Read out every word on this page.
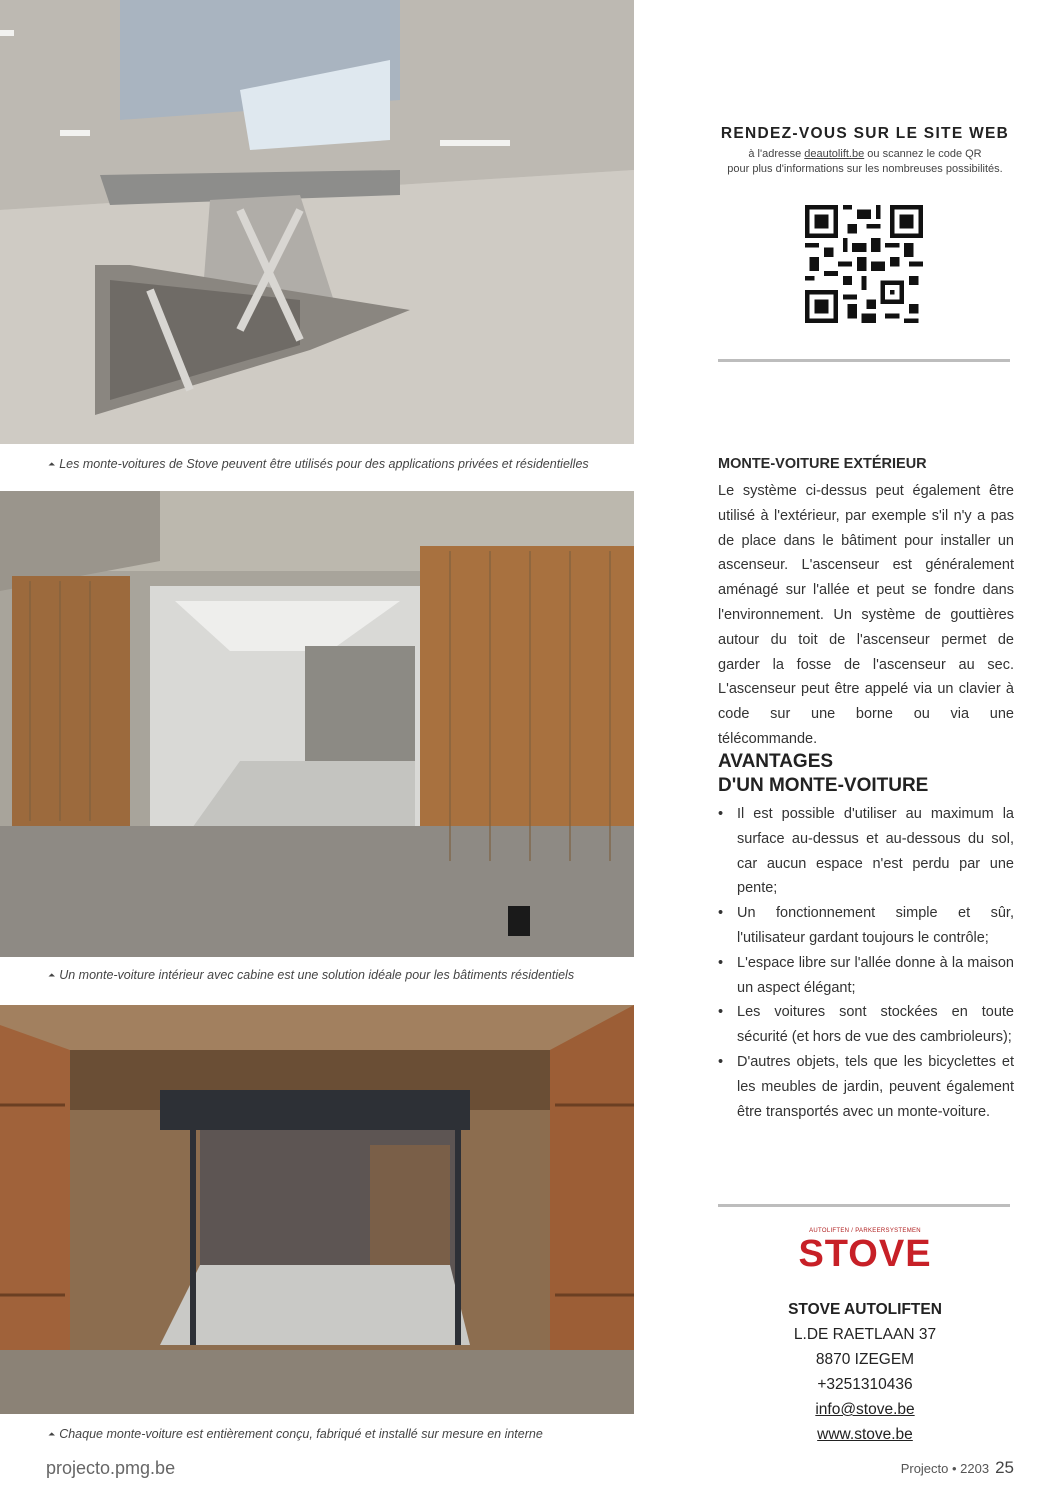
⏶ Les monte-voitures de Stove peuvent être utilisés pour des applications privées et résidentielles
⏶ Un monte-voiture intérieur avec cabine est une solution idéale pour les bâtiments résidentiels
⏶ Chaque monte-voiture est entièrement conçu, fabriqué et installé sur mesure en interne
RENDEZ-VOUS SUR LE SITE WEB
à l'adresse deautolift.be ou scannez le code QR
pour plus d'informations sur les nombreuses possibilités.
MONTE-VOITURE EXTÉRIEUR
Le système ci-dessus peut également être utilisé à l'extérieur, par exemple s'il n'y a pas de place dans le bâtiment pour installer un ascenseur. L'ascenseur est généralement aménagé sur l'allée et peut se fondre dans l'environnement. Un système de gouttières autour du toit de l'ascenseur permet de garder la fosse de l'ascenseur au sec. L'ascenseur peut être appelé via un clavier à code sur une borne ou via une télécommande.
AVANTAGES
D'UN MONTE-VOITURE
• Il est possible d'utiliser au maximum la surface au-dessus et au-dessous du sol, car aucun espace n'est perdu par une pente;
• Un fonctionnement simple et sûr, l'utilisateur gardant toujours le contrôle;
• L'espace libre sur l'allée donne à la maison un aspect élégant;
• Les voitures sont stockées en toute sécurité (et hors de vue des cambrioleurs);
• D'autres objets, tels que les bicyclettes et les meubles de jardin, peuvent également être transportés avec un monte-voiture.
AUTOLIFTEN / PARKEERSYSTEMEN
STOVE
STOVE AUTOLIFTEN
L.DE RAETLAAN 37
8870 IZEGEM
+3251310436
info@stove.be
www.stove.be
projecto.pmg.be	Projecto • 2203 25
